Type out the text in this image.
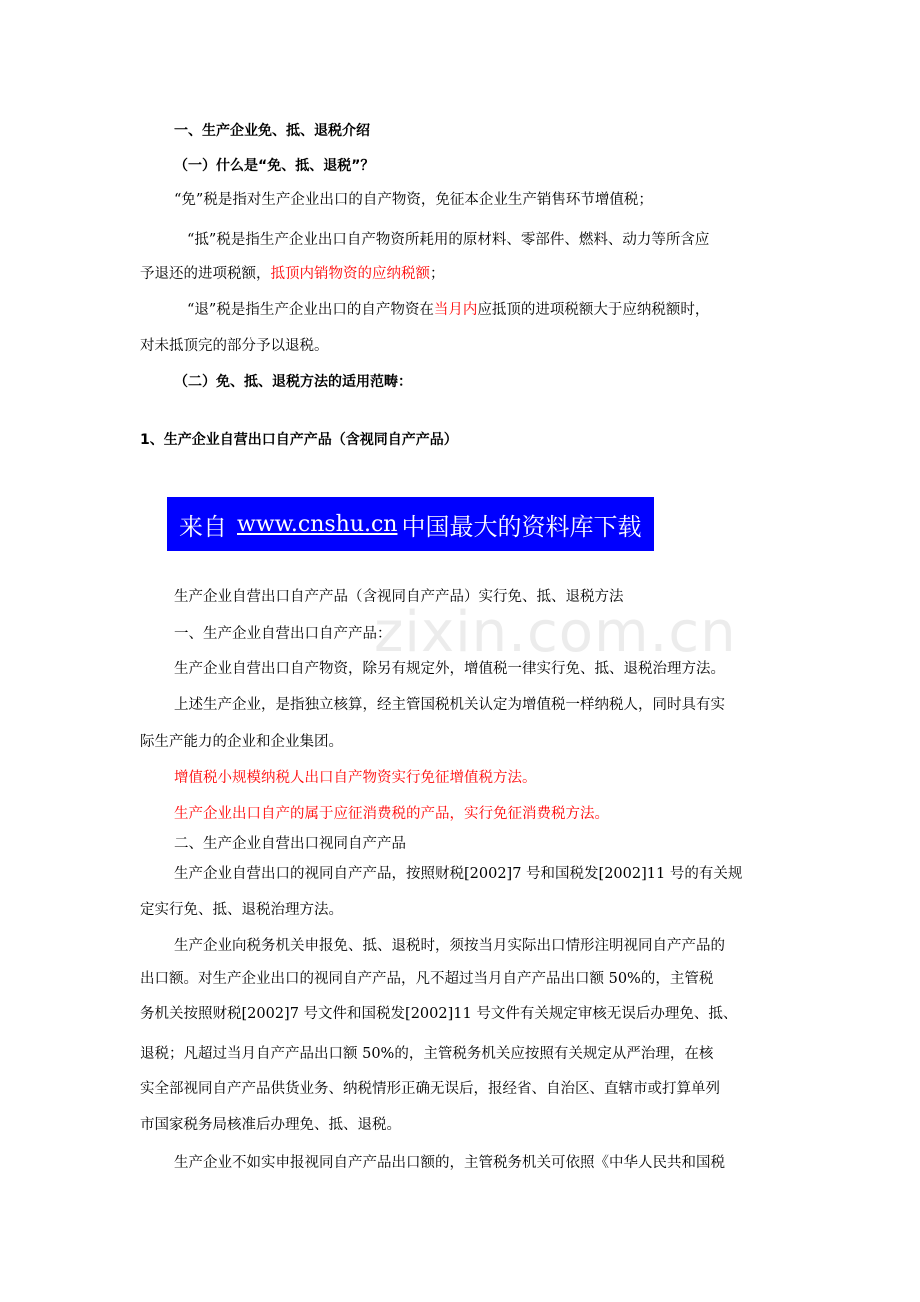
一、生产企业免、抵、退税介绍
（一）什么是“免、抵、退税”？
“免”税是指对生产企业出口的自产物资，免征本企业生产销售环节增值税；
“抵”税是指生产企业出口自产物资所耗用的原材料、零部件、燃料、动力等所含应
予退还的进项税额，抵顶内销物资的应纳税额；
“退”税是指生产企业出口的自产物资在当月内应抵顶的进项税额大于应纳税额时，
对未抵顶完的部分予以退税。
（二）免、抵、退税方法的适用范畴：
1、生产企业自营出口自产产品（含视同自产产品）
来自 www.cnshu.cn 中国最大的资料库下载
zixin.com.cn
生产企业自营出口自产产品（含视同自产产品）实行免、抵、退税方法
一、生产企业自营出口自产产品：
生产企业自营出口自产物资，除另有规定外，增值税一律实行免、抵、退税治理方法。
上述生产企业，是指独立核算，经主管国税机关认定为增值税一样纳税人，同时具有实
际生产能力的企业和企业集团。
增值税小规模纳税人出口自产物资实行免征增值税方法。
生产企业出口自产的属于应征消费税的产品，实行免征消费税方法。
二、生产企业自营出口视同自产产品
生产企业自营出口的视同自产产品，按照财税[2002]7 号和国税发[2002]11 号的有关规
定实行免、抵、退税治理方法。
生产企业向税务机关申报免、抵、退税时，须按当月实际出口情形注明视同自产产品的
出口额。对生产企业出口的视同自产产品，凡不超过当月自产产品出口额 50%的，主管税
务机关按照财税[2002]7 号文件和国税发[2002]11 号文件有关规定审核无误后办理免、抵、
退税；凡超过当月自产产品出口额 50%的，主管税务机关应按照有关规定从严治理，在核
实全部视同自产产品供货业务、纳税情形正确无误后，报经省、自治区、直辖市或打算单列
市国家税务局核准后办理免、抵、退税。
生产企业不如实申报视同自产产品出口额的，主管税务机关可依照《中华人民共和国税
